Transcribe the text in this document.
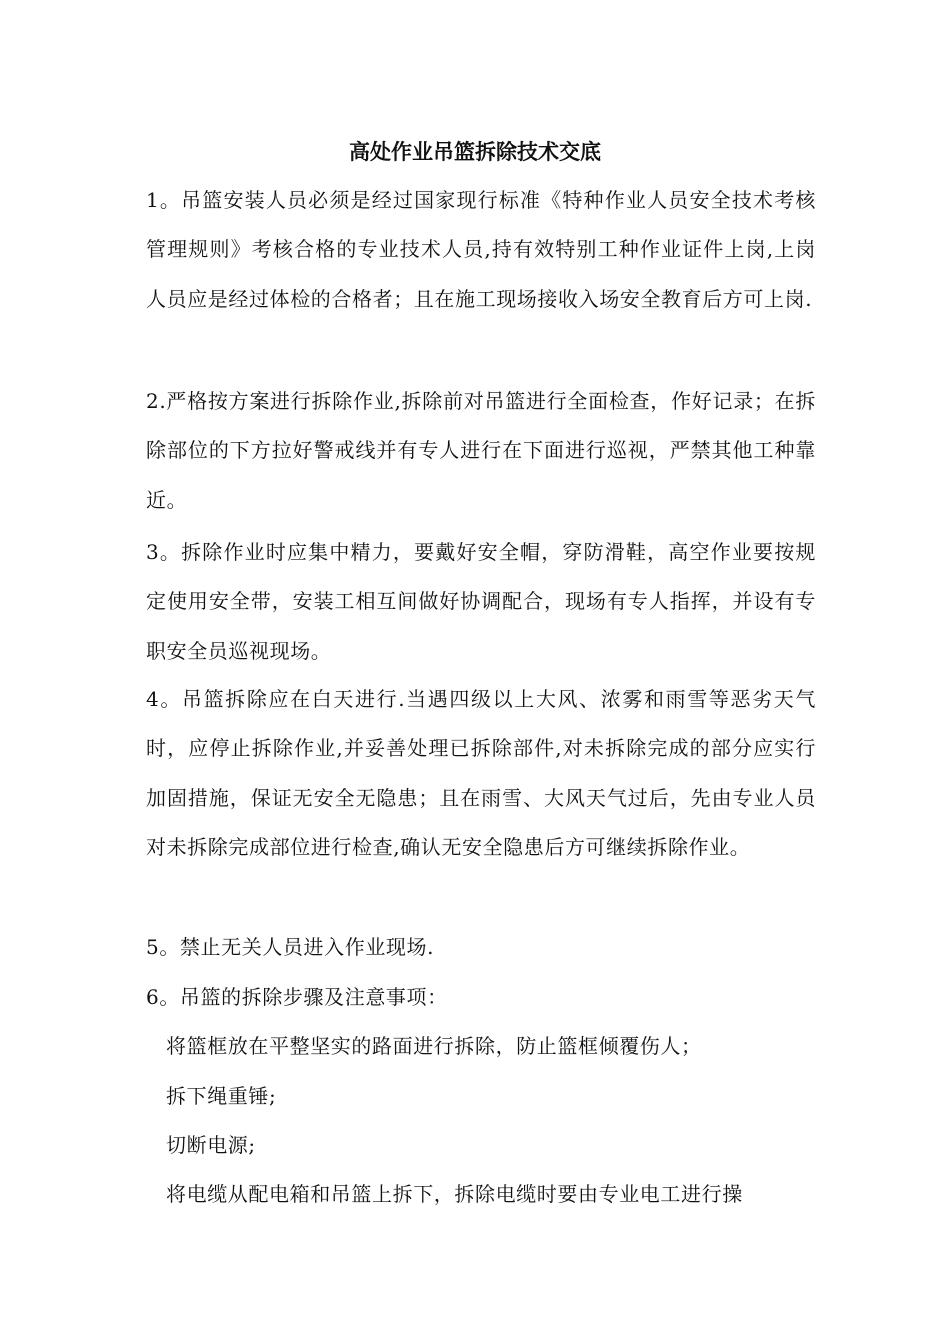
高处作业吊篮拆除技术交底

1。吊篮安装人员必须是经过国家现行标准《特种作业人员安全技术考核管理规则》考核合格的专业技术人员,持有效特别工种作业证件上岗,上岗人员应是经过体检的合格者；且在施工现场接收入场安全教育后方可上岗.

2.严格按方案进行拆除作业,拆除前对吊篮进行全面检查，作好记录；在拆除部位的下方拉好警戒线并有专人进行在下面进行巡视，严禁其他工种靠近。

3。拆除作业时应集中精力，要戴好安全帽，穿防滑鞋，高空作业要按规定使用安全带，安装工相互间做好协调配合，现场有专人指挥，并设有专职安全员巡视现场。

4。吊篮拆除应在白天进行.当遇四级以上大风、浓雾和雨雪等恶劣天气时，应停止拆除作业,并妥善处理已拆除部件,对未拆除完成的部分应实行加固措施，保证无安全无隐患；且在雨雪、大风天气过后，先由专业人员对未拆除完成部位进行检查,确认无安全隐患后方可继续拆除作业。

5。禁止无关人员进入作业现场.

6。吊篮的拆除步骤及注意事项：

将篮框放在平整坚实的路面进行拆除，防止篮框倾覆伤人；

拆下绳重锤;

切断电源;

将电缆从配电箱和吊篮上拆下，拆除电缆时要由专业电工进行操
